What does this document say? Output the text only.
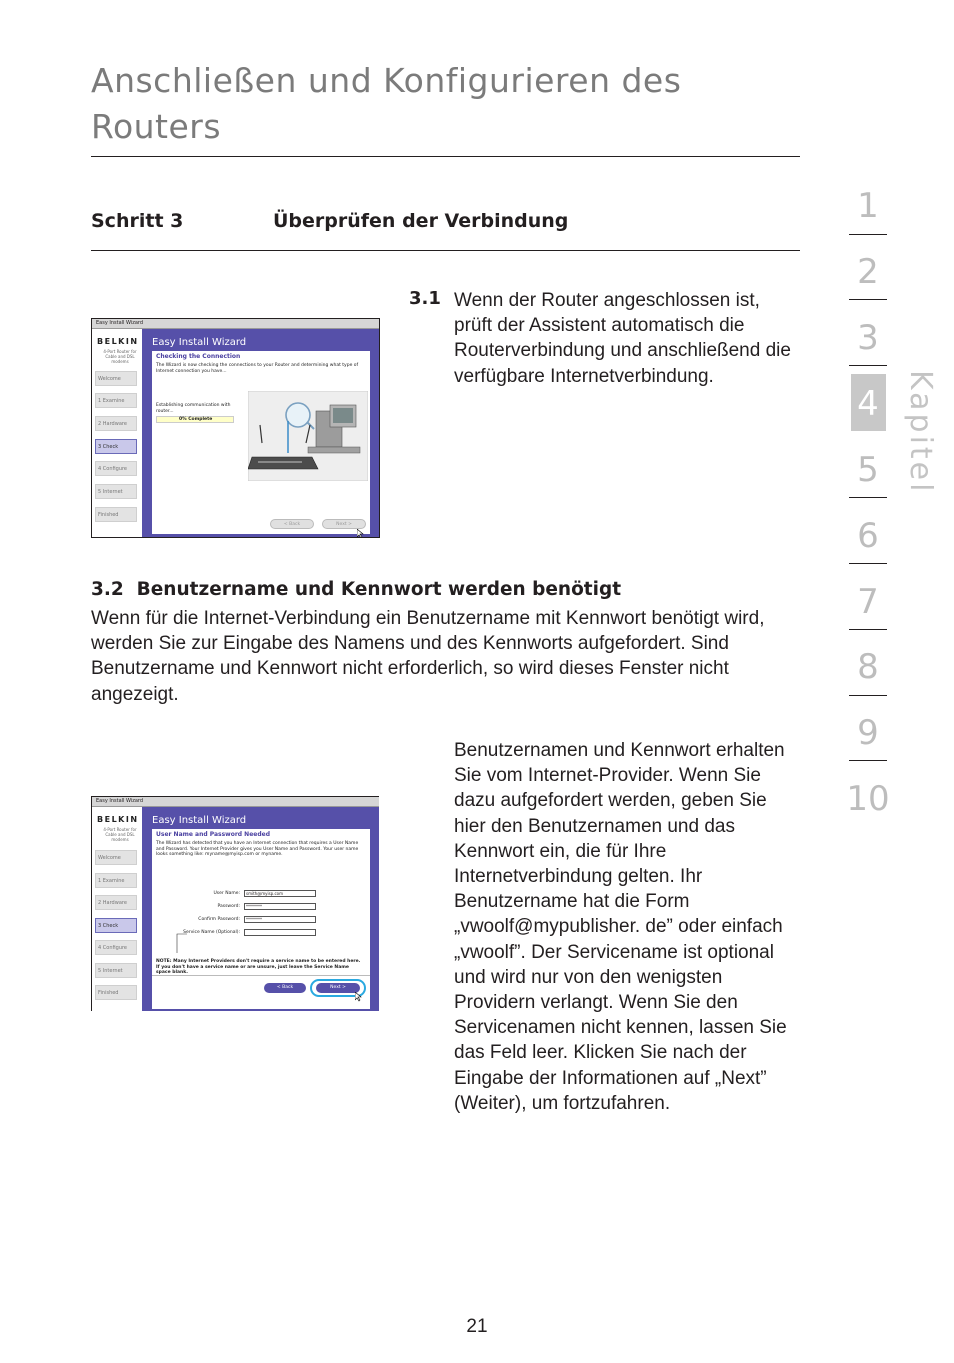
Anschließen und Konfigurieren des Routers
Schritt 3	Überprüfen der Verbindung
3.1 Wenn der Router angeschlossen ist, prüft der Assistent automatisch die Routerverbindung und anschließend die verfügbare Internetverbindung.
Easy Install Wizard
BELKIN
4-Port Router for Cable and DSL modems
Welcome
1 Examine
2 Hardware
3 Check
4 Configure
5 Internet
Finished
Easy Install Wizard
Checking the Connection
The Wizard is now checking the connections to your Router and determining what type of Internet connection you have...
Establishing communication with router...
0% Complete
< Back	Next >
3.2  Benutzername und Kennwort werden benötigt
Wenn für die Internet-Verbindung ein Benutzername mit Kennwort benötigt wird, werden Sie zur Eingabe des Namens und des Kennworts aufgefordert. Sind Benutzername und Kennwort nicht erforderlich, so wird dieses Fenster nicht angezeigt.
Benutzernamen und Kennwort erhalten Sie vom Internet-Provider. Wenn Sie dazu aufgefordert werden, geben Sie hier den Benutzernamen und das Kennwort ein, die für Ihre Internetverbindung gelten. Ihr Benutzername hat die Form „vwoolf@mypublisher. de” oder einfach „vwoolf”. Der Servicename ist optional und wird nur von den wenigsten Providern verlangt. Wenn Sie den Servicenamen nicht kennen, lassen Sie das Feld leer. Klicken Sie nach der Eingabe der Informationen auf „Next” (Weiter), um fortzufahren.
Easy Install Wizard
BELKIN
4-Port Router for Cable and DSL modems
Welcome
1 Examine
2 Hardware
3 Check
4 Configure
5 Internet
Finished
Easy Install Wizard
User Name and Password Needed
The Wizard has detected that you have an Internet connection that requires a User Name and Password. Your Internet Provider gives you User Name and Password. Your user name looks something like: myname@myisp.com or myname.
User Name:	smith@myisp.com
Password:	********
Confirm Password:	********
Service Name (Optional):
NOTE: Many Internet Providers don't require a service name to be entered here. If you don't have a service name or are unsure, just leave the Service Name space blank.
< Back	Next >
1
2
3
4
5
6
7
8
9
10
Kapitel
21
